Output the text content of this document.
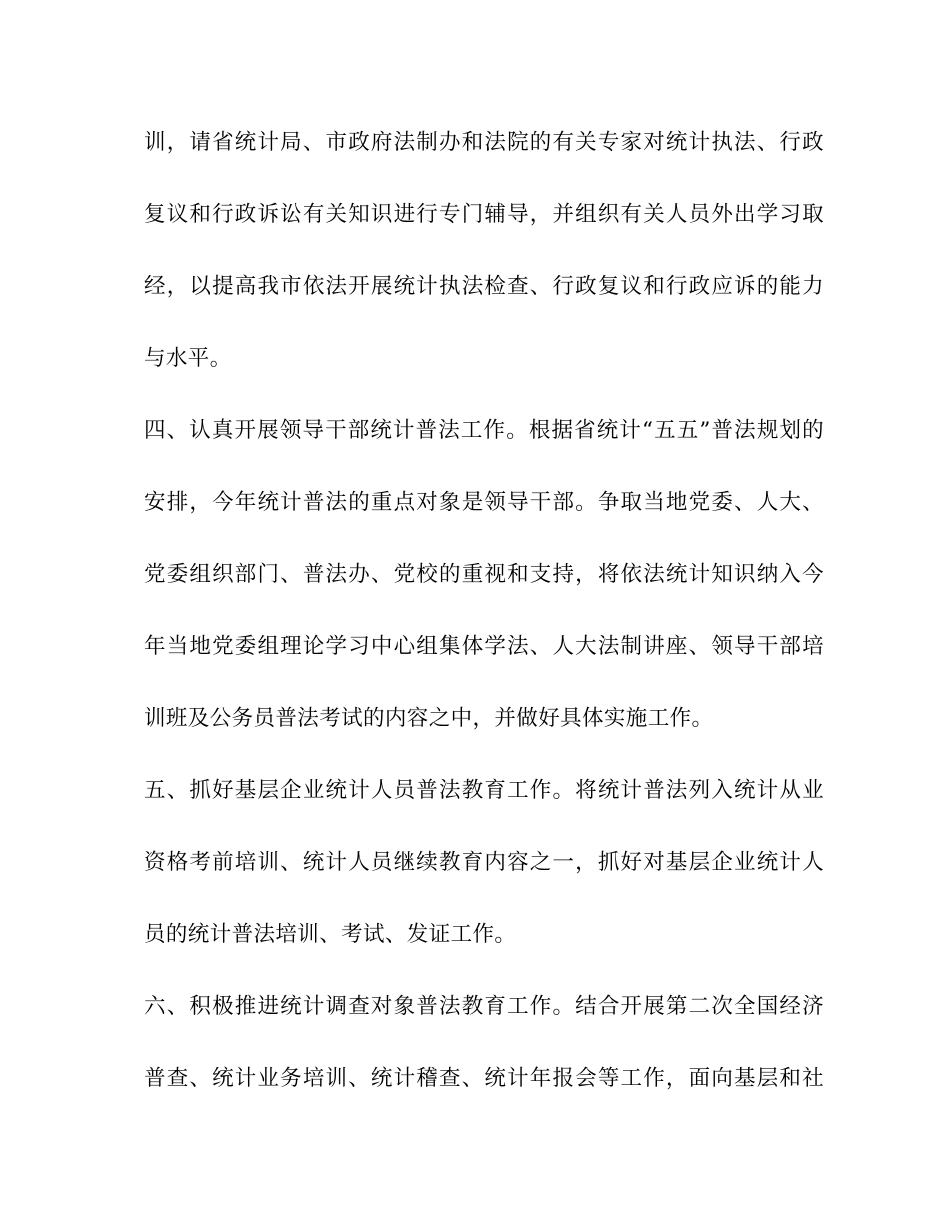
训，请省统计局、市政府法制办和法院的有关专家对统计执法、行政
复议和行政诉讼有关知识进行专门辅导，并组织有关人员外出学习取
经，以提高我市依法开展统计执法检查、行政复议和行政应诉的能力
与水平。
四、认真开展领导干部统计普法工作。根据省统计“五五”普法规划的
安排，今年统计普法的重点对象是领导干部。争取当地党委、人大、
党委组织部门、普法办、党校的重视和支持，将依法统计知识纳入今
年当地党委组理论学习中心组集体学法、人大法制讲座、领导干部培
训班及公务员普法考试的内容之中，并做好具体实施工作。
五、抓好基层企业统计人员普法教育工作。将统计普法列入统计从业
资格考前培训、统计人员继续教育内容之一，抓好对基层企业统计人
员的统计普法培训、考试、发证工作。
六、积极推进统计调查对象普法教育工作。结合开展第二次全国经济
普查、统计业务培训、统计稽查、统计年报会等工作，面向基层和社
